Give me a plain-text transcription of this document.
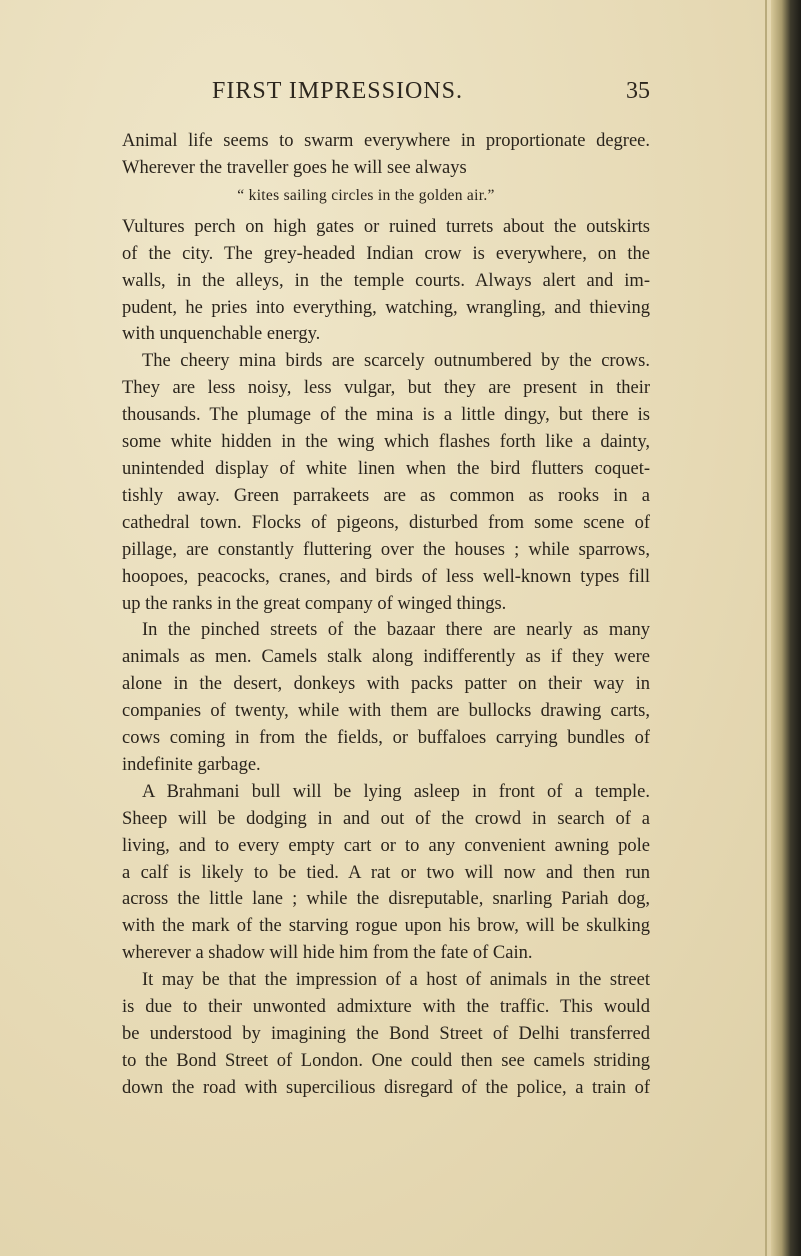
FIRST IMPRESSIONS.	35
Animal life seems to swarm everywhere in proportionate degree.
Wherever the traveller goes he will see always
“ kites sailing circles in the golden air.”
Vultures perch on high gates or ruined turrets about the outskirts
of the city. The grey-headed Indian crow is everywhere, on the
walls, in the alleys, in the temple courts. Always alert and im-
pudent, he pries into everything, watching, wrangling, and thieving
with unquenchable energy.
The cheery mina birds are scarcely outnumbered by the crows.
They are less noisy, less vulgar, but they are present in their
thousands. The plumage of the mina is a little dingy, but there is
some white hidden in the wing which flashes forth like a dainty,
unintended display of white linen when the bird flutters coquet-
tishly away. Green parrakeets are as common as rooks in a
cathedral town. Flocks of pigeons, disturbed from some scene of
pillage, are constantly fluttering over the houses ; while sparrows,
hoopoes, peacocks, cranes, and birds of less well-known types fill
up the ranks in the great company of winged things.
In the pinched streets of the bazaar there are nearly as many
animals as men. Camels stalk along indifferently as if they were
alone in the desert, donkeys with packs patter on their way in
companies of twenty, while with them are bullocks drawing carts,
cows coming in from the fields, or buffaloes carrying bundles of
indefinite garbage.
A Brahmani bull will be lying asleep in front of a temple.
Sheep will be dodging in and out of the crowd in search of a
living, and to every empty cart or to any convenient awning pole
a calf is likely to be tied. A rat or two will now and then run
across the little lane ; while the disreputable, snarling Pariah dog,
with the mark of the starving rogue upon his brow, will be skulking
wherever a shadow will hide him from the fate of Cain.
It may be that the impression of a host of animals in the street
is due to their unwonted admixture with the traffic. This would
be understood by imagining the Bond Street of Delhi transferred
to the Bond Street of London. One could then see camels striding
down the road with supercilious disregard of the police, a train of
